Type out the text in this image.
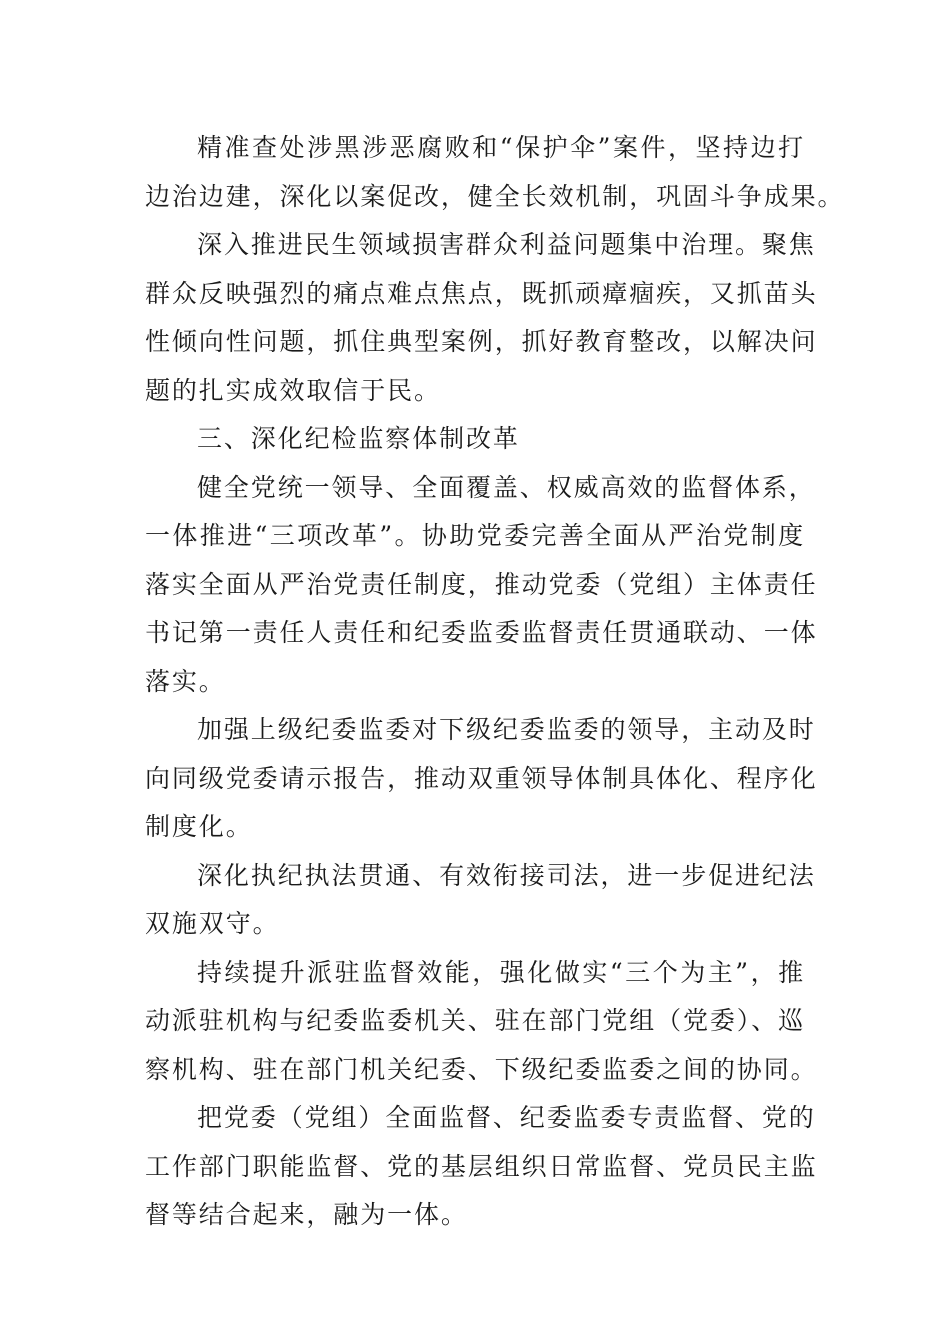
精准查处涉黑涉恶腐败和“保护伞”案件，坚持边打
边治边建，深化以案促改，健全长效机制，巩固斗争成果。

深入推进民生领域损害群众利益问题集中治理。聚焦
群众反映强烈的痛点难点焦点，既抓顽瘴痼疾，又抓苗头
性倾向性问题，抓住典型案例，抓好教育整改，以解决问
题的扎实成效取信于民。

三、深化纪检监察体制改革

健全党统一领导、全面覆盖、权威高效的监督体系，
一体推进“三项改革”。协助党委完善全面从严治党制度
落实全面从严治党责任制度，推动党委（党组）主体责任
书记第一责任人责任和纪委监委监督责任贯通联动、一体
落实。

加强上级纪委监委对下级纪委监委的领导，主动及时
向同级党委请示报告，推动双重领导体制具体化、程序化
制度化。

深化执纪执法贯通、有效衔接司法，进一步促进纪法
双施双守。

持续提升派驻监督效能，强化做实“三个为主”，推
动派驻机构与纪委监委机关、驻在部门党组（党委）、巡
察机构、驻在部门机关纪委、下级纪委监委之间的协同。

把党委（党组）全面监督、纪委监委专责监督、党的
工作部门职能监督、党的基层组织日常监督、党员民主监
督等结合起来，融为一体。
